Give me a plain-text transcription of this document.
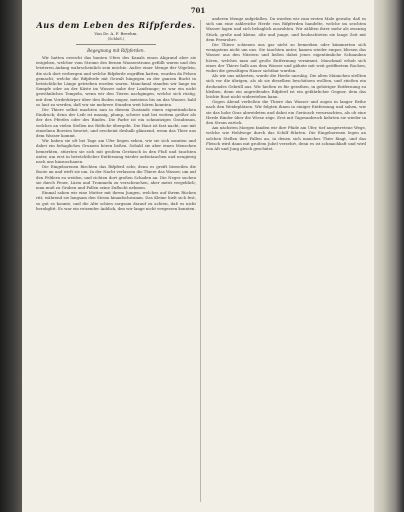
701
Aus dem Leben des Rifpferdes.
Von Dr. A. F. Breehm.
(Schluß.)
Begegnung mit Rifpferden.

Wir hatten erreicht das bunten Ufers des Kanals einen Abgrund aber sie entgehen, welcher vom Strome des fernen Wasserstroms gefüllt waren und des letzteren Anfang wahrscheinlich sein möchte. Außer einer Menge der Vögelein, die sich dort verbergen und welche Rifpferde ergriffen hatten, wurden da Felsen gemacht, welche die Rifpferde mit Gewalt hingegen zu der ganzen Bucht in beträchtliche Länge getrieben worden waren. Manchmal standen wir lange im Sumpfe oder an der Küste im Wasser nahe der Landzunge; es war ein nicht gewöhnliches Tempeln, wenn wir den Tieren nachgingen, welche sich rüstig, mit dem Vorderkörper über den Boden empor, meistens bis an das Wasser, bald so laut zu werden, daß wir sie mehrere Stunden weit hören konnten.

Die Thiere selbst machten nun in diesem Zustande einen eigentümlichen Eindruck; denn der Leib ist massig, plump, schwer und bei weitem größer als der des Pferdes oder des Rindes. Die Farbe ist ein schmutziges Graubraun, welches an vielen Stellen ins Rötliche übergeht. Die Haut ist fast nackt, nur mit einzelnen Borsten besetzt, und erscheint deshalb glänzend, wenn das Thier aus dem Wasser kommt.

Wir haben sie oft bei Tage am Ufer liegen sehen, wie sie sich sonnten und dabei ein behagliches Grunzen hören ließen. Sobald sie aber einen Menschen bemerkten, stürzten sie sich mit großem Geräusch in den Fluß und tauchten unter, um erst in beträchtlicher Entfernung wieder aufzutauchen und neugierig nach uns hinzuschauen.

Die Eingeborenen fürchten das Rifpferd sehr, denn es greift bisweilen die Boote an und wirft sie um. In der Nacht verlassen die Thiere das Wasser, um auf den Feldern zu weiden, und richten dort großen Schaden an. Die Neger suchen sie durch Feuer, Lärm und Trommeln zu verscheuchen, aber meist vergeblich; man muß zu Gruben und Fallen seine Zuflucht nehmen.

Einmal sahen wir eine Mutter mit ihrem Jungen, welches auf ihrem Rücken ritt, während sie langsam den Strom hinaufschwamm. Das Kleine hielt sich fest, so gut es konnte, und die Alte schien sorgsam darauf zu achten, daß es nicht herabglitt. Es war ein reizender Anblick, den wir lange nicht vergessen konnten.

anderen Menge aufgefallen. Da wurden wir zum ersten Male gewahr, daß es sich um eine zahlreiche Herde von Rifpferden handelte, welche im seichten Wasser lagen und sich behaglich ausruhten. Wir zählten ihrer mehr als zwanzig Stück, große und kleine, alte und junge, und beobachteten sie lange Zeit mit dem Fernrohre.

Die Thiere schienen uns gar nicht zu bemerken oder kümmerten sich wenigstens nicht um uns. Sie tauchten unter, kamen wieder empor, bliesen das Wasser aus den Nüstern und ließen dabei jenes eigentümliche Schnauben hören, welches man auf große Entfernung vernimmt. Manchmal erhob sich eines der Thiere halb aus dem Wasser und gähnte mit weit geöffnetem Rachen, wobei die gewaltigen Hauer sichtbar wurden.

Als wir uns näherten, wurde die Herde unruhig. Die alten Männchen stellten sich vor die übrigen, als ob sie dieselben beschützen wollten, und stießen ein drohendes Gebrüll aus. Wir hielten es für gerathen, in gehöriger Entfernung zu bleiben, denn ein angreifendes Rifpferd ist ein gefährlicher Gegner, dem das leichte Boot nicht widerstehen kann.

Gegen Abend verließen die Thiere das Wasser und zogen in langer Reihe nach den Weideplätzen. Wir folgten ihnen in einiger Entfernung und sahen, wie sie das hohe Gras abweideten und dabei ein Geräusch verursachten, als ob eine Herde Rinder über die Wiese zöge. Erst mit Tagesanbruch kehrten sie wieder in den Strom zurück.

Am nächsten Morgen fanden wir ihre Pfade am Ufer, tief ausgetretene Wege, welche wie Hohlwege durch das Schilf führten. Die Eingeborenen legen an solchen Stellen ihre Fallen an, in denen sich manches Thier fängt, und das Fleisch wird dann mit großem Jubel verzehrt, denn es ist schmackhaft und wird von Alt und Jung gleich geschätzt.
